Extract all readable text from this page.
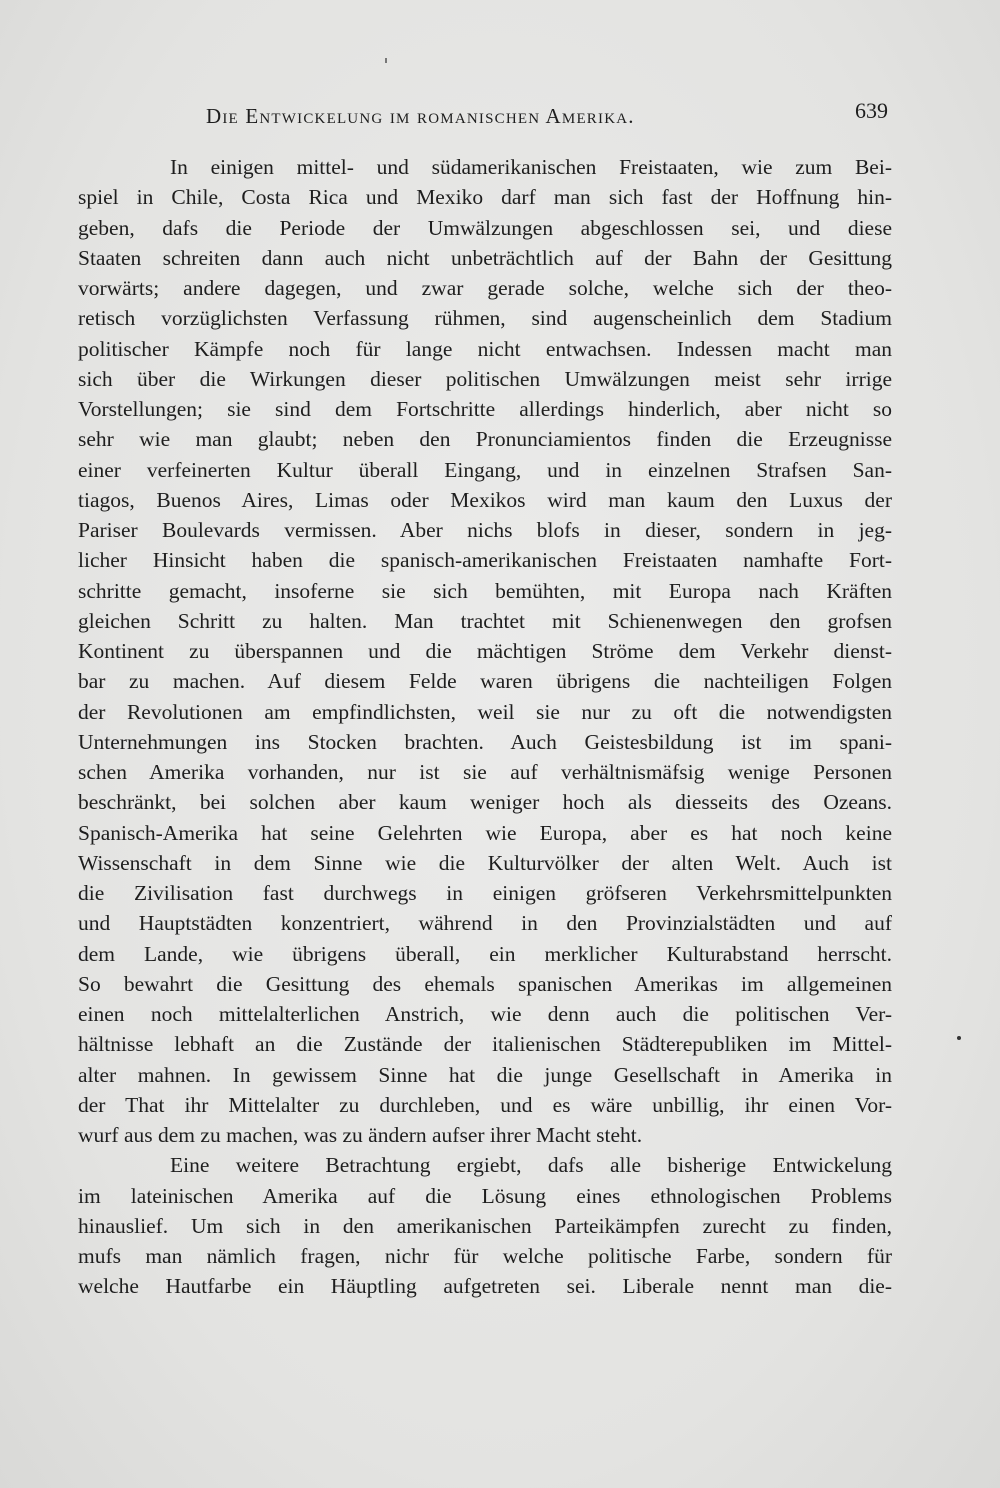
Die Entwickelung im romanischen Amerika.	639
In einigen mittel- und südamerikanischen Freistaaten, wie zum Bei-
spiel in Chile, Costa Rica und Mexiko darf man sich fast der Hoffnung hin-
geben, dafs die Periode der Umwälzungen abgeschlossen sei, und diese
Staaten schreiten dann auch nicht unbeträchtlich auf der Bahn der Gesittung
vorwärts; andere dagegen, und zwar gerade solche, welche sich der theo-
retisch vorzüglichsten Verfassung rühmen, sind augenscheinlich dem Stadium
politischer Kämpfe noch für lange nicht entwachsen. Indessen macht man
sich über die Wirkungen dieser politischen Umwälzungen meist sehr irrige
Vorstellungen; sie sind dem Fortschritte allerdings hinderlich, aber nicht so
sehr wie man glaubt; neben den Pronunciamientos finden die Erzeugnisse
einer verfeinerten Kultur überall Eingang, und in einzelnen Strafsen San-
tiagos, Buenos Aires, Limas oder Mexikos wird man kaum den Luxus der
Pariser Boulevards vermissen. Aber nichs blofs in dieser, sondern in jeg-
licher Hinsicht haben die spanisch-amerikanischen Freistaaten namhafte Fort-
schritte gemacht, insoferne sie sich bemühten, mit Europa nach Kräften
gleichen Schritt zu halten. Man trachtet mit Schienenwegen den grofsen
Kontinent zu überspannen und die mächtigen Ströme dem Verkehr dienst-
bar zu machen. Auf diesem Felde waren übrigens die nachteiligen Folgen
der Revolutionen am empfindlichsten, weil sie nur zu oft die notwendigsten
Unternehmungen ins Stocken brachten. Auch Geistesbildung ist im spani-
schen Amerika vorhanden, nur ist sie auf verhältnismäfsig wenige Personen
beschränkt, bei solchen aber kaum weniger hoch als diesseits des Ozeans.
Spanisch-Amerika hat seine Gelehrten wie Europa, aber es hat noch keine
Wissenschaft in dem Sinne wie die Kulturvölker der alten Welt. Auch ist
die Zivilisation fast durchwegs in einigen gröfseren Verkehrsmittelpunkten
und Hauptstädten konzentriert, während in den Provinzialstädten und auf
dem Lande, wie übrigens überall, ein merklicher Kulturabstand herrscht.
So bewahrt die Gesittung des ehemals spanischen Amerikas im allgemeinen
einen noch mittelalterlichen Anstrich, wie denn auch die politischen Ver-
hältnisse lebhaft an die Zustände der italienischen Städterepubliken im Mittel-
alter mahnen. In gewissem Sinne hat die junge Gesellschaft in Amerika in
der That ihr Mittelalter zu durchleben, und es wäre unbillig, ihr einen Vor-
wurf aus dem zu machen, was zu ändern aufser ihrer Macht steht.
Eine weitere Betrachtung ergiebt, dafs alle bisherige Entwickelung
im lateinischen Amerika auf die Lösung eines ethnologischen Problems
hinauslief. Um sich in den amerikanischen Parteikämpfen zurecht zu finden,
mufs man nämlich fragen, nichr für welche politische Farbe, sondern für
welche Hautfarbe ein Häuptling aufgetreten sei. Liberale nennt man die-
